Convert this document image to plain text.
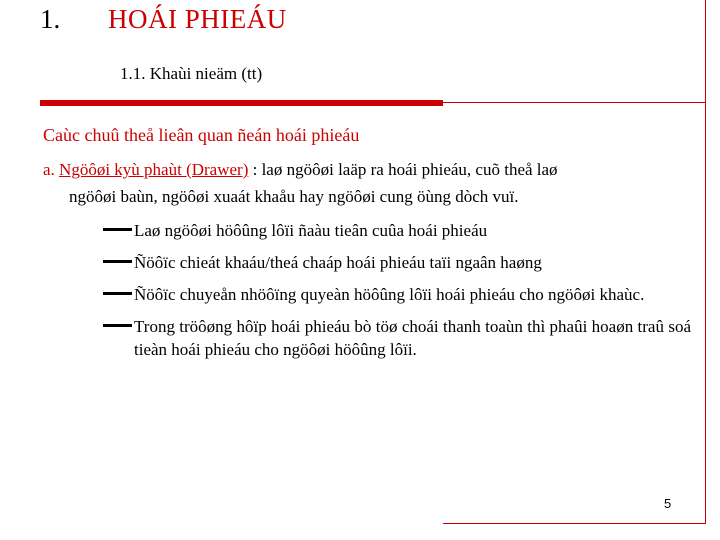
1. HOÁI PHIEÁU
1.1. Khaùi nieäm (tt)
Caùc chuû theå lieân quan ñeán hoái phieáu
a. Ngöôøi kyù phaùt (Drawer) : laø ngöôøi laäp ra hoái phieáu, cuõ theå laø
ngöôøi baùn, ngöôøi xuaát khaåu hay ngöôøi cung öùng dòch vuï.
Laø ngöôøi höôûng lôïi ñaàu tieân cuûa hoái phieáu
Ñöôïc chieát khaáu/theá chaáp hoái phieáu taïi ngaân haøng
Ñöôïc chuyeån nhöôïng quyeàn höôûng lôïi hoái phieáu cho ngöôøi khaùc.
Trong tröôøng hôïp hoái phieáu bò töø choái thanh toaùn thì phaûi hoaøn traû soá tieàn hoái phieáu cho ngöôøi höôûng lôïi.
5
